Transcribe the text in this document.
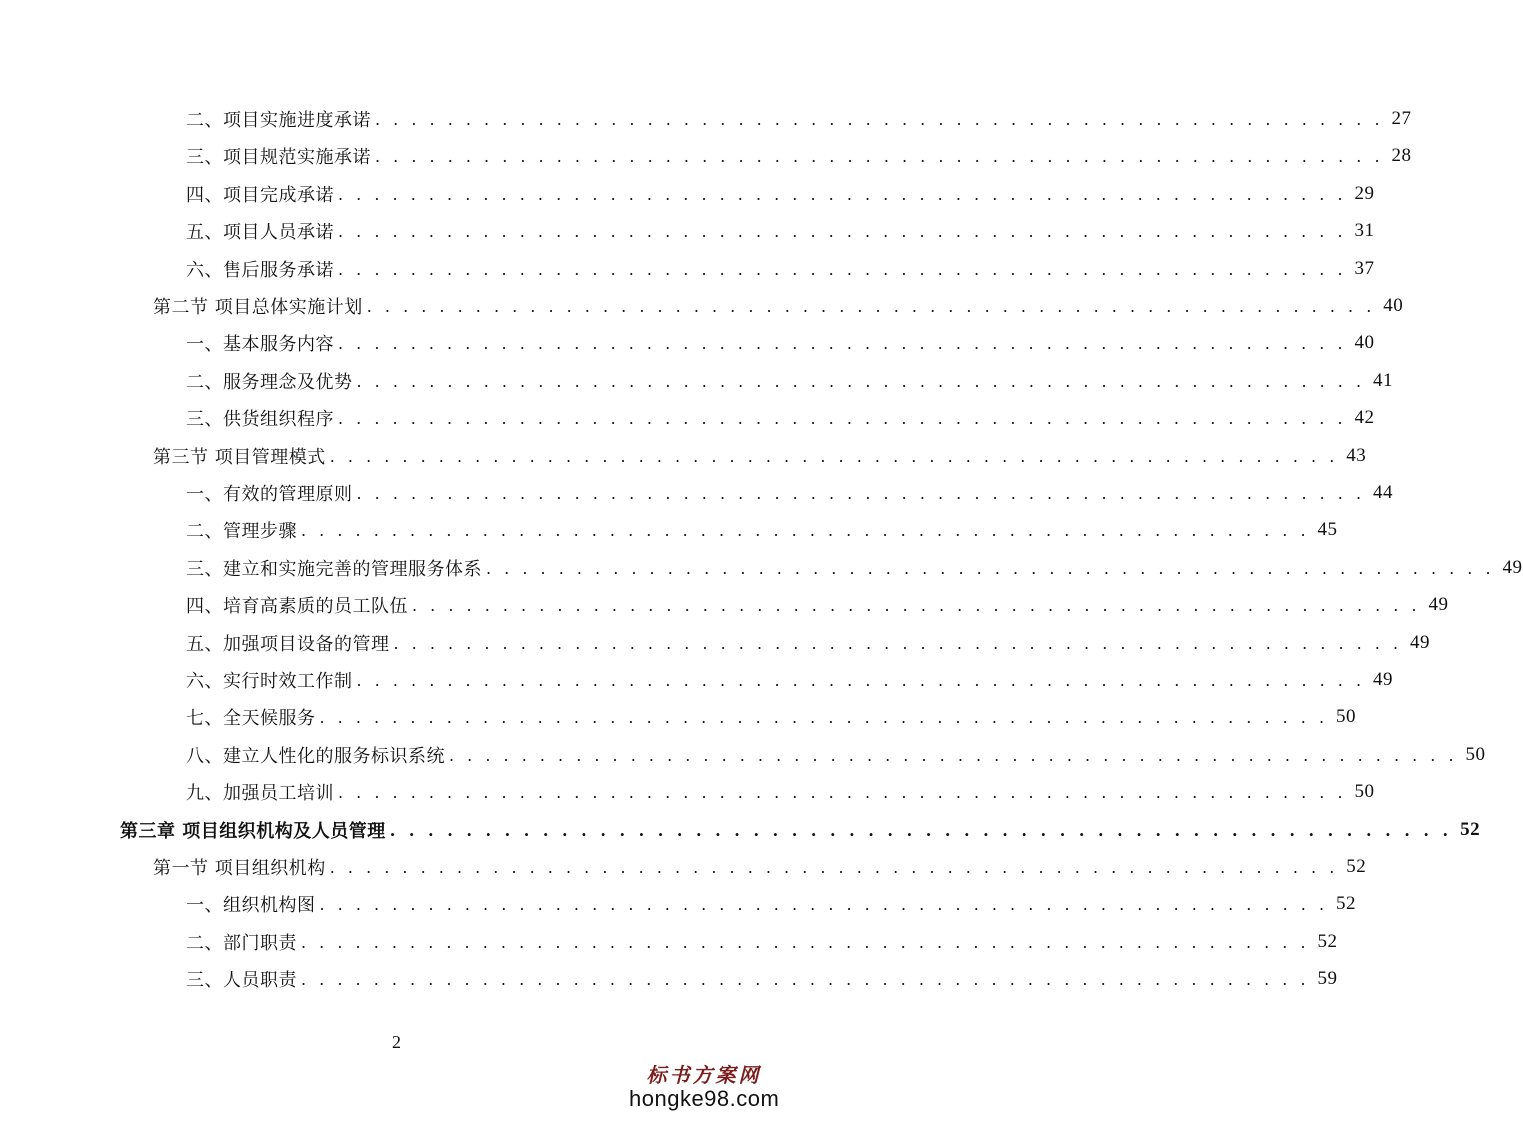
二、项目实施进度承诺 . . . . . . . . . . . . . . . . . . . . . . . . . . . . . . . . . . . . . . . . . . . . . . . . . . . . . . . . 27
三、项目规范实施承诺 . . . . . . . . . . . . . . . . . . . . . . . . . . . . . . . . . . . . . . . . . . . . . . . . . . . . . . . . 28
四、项目完成承诺 . . . . . . . . . . . . . . . . . . . . . . . . . . . . . . . . . . . . . . . . . . . . . . . . . . . . . . . . 29
五、项目人员承诺 . . . . . . . . . . . . . . . . . . . . . . . . . . . . . . . . . . . . . . . . . . . . . . . . . . . . . . . . 31
六、售后服务承诺 . . . . . . . . . . . . . . . . . . . . . . . . . . . . . . . . . . . . . . . . . . . . . . . . . . . . . . . . 37
第二节 项目总体实施计划 . . . . . . . . . . . . . . . . . . . . . . . . . . . . . . . . . . . . . . . . . . . . . . . . . . . . . . . . 40
一、基本服务内容 . . . . . . . . . . . . . . . . . . . . . . . . . . . . . . . . . . . . . . . . . . . . . . . . . . . . . . . . 40
二、服务理念及优势 . . . . . . . . . . . . . . . . . . . . . . . . . . . . . . . . . . . . . . . . . . . . . . . . . . . . . . . . 41
三、供货组织程序 . . . . . . . . . . . . . . . . . . . . . . . . . . . . . . . . . . . . . . . . . . . . . . . . . . . . . . . . 42
第三节 项目管理模式 . . . . . . . . . . . . . . . . . . . . . . . . . . . . . . . . . . . . . . . . . . . . . . . . . . . . . . . . 43
一、有效的管理原则 . . . . . . . . . . . . . . . . . . . . . . . . . . . . . . . . . . . . . . . . . . . . . . . . . . . . . . . . 44
二、管理步骤 . . . . . . . . . . . . . . . . . . . . . . . . . . . . . . . . . . . . . . . . . . . . . . . . . . . . . . . . 45
三、建立和实施完善的管理服务体系 . . . . . . . . . . . . . . . . . . . . . . . . . . . . . . . . . . . . . . . . . . . . . . . . . . . . . . . . 49
四、培育高素质的员工队伍 . . . . . . . . . . . . . . . . . . . . . . . . . . . . . . . . . . . . . . . . . . . . . . . . . . . . . . . . 49
五、加强项目设备的管理 . . . . . . . . . . . . . . . . . . . . . . . . . . . . . . . . . . . . . . . . . . . . . . . . . . . . . . . . 49
六、实行时效工作制 . . . . . . . . . . . . . . . . . . . . . . . . . . . . . . . . . . . . . . . . . . . . . . . . . . . . . . . . 49
七、全天候服务 . . . . . . . . . . . . . . . . . . . . . . . . . . . . . . . . . . . . . . . . . . . . . . . . . . . . . . . . 50
八、建立人性化的服务标识系统 . . . . . . . . . . . . . . . . . . . . . . . . . . . . . . . . . . . . . . . . . . . . . . . . . . . . . . . . 50
九、加强员工培训 . . . . . . . . . . . . . . . . . . . . . . . . . . . . . . . . . . . . . . . . . . . . . . . . . . . . . . . . 50
第三章 项目组织机构及人员管理 . . . . . . . . . . . . . . . . . . . . . . . . . . . . . . . . . . . . . . . . . . . . . . . . . . . . . . . . 52
第一节 项目组织机构 . . . . . . . . . . . . . . . . . . . . . . . . . . . . . . . . . . . . . . . . . . . . . . . . . . . . . . . . 52
一、组织机构图 . . . . . . . . . . . . . . . . . . . . . . . . . . . . . . . . . . . . . . . . . . . . . . . . . . . . . . . . 52
二、部门职责 . . . . . . . . . . . . . . . . . . . . . . . . . . . . . . . . . . . . . . . . . . . . . . . . . . . . . . . . 52
三、人员职责 . . . . . . . . . . . . . . . . . . . . . . . . . . . . . . . . . . . . . . . . . . . . . . . . . . . . . . . . 59
2
标书方案网
hongke98.com
